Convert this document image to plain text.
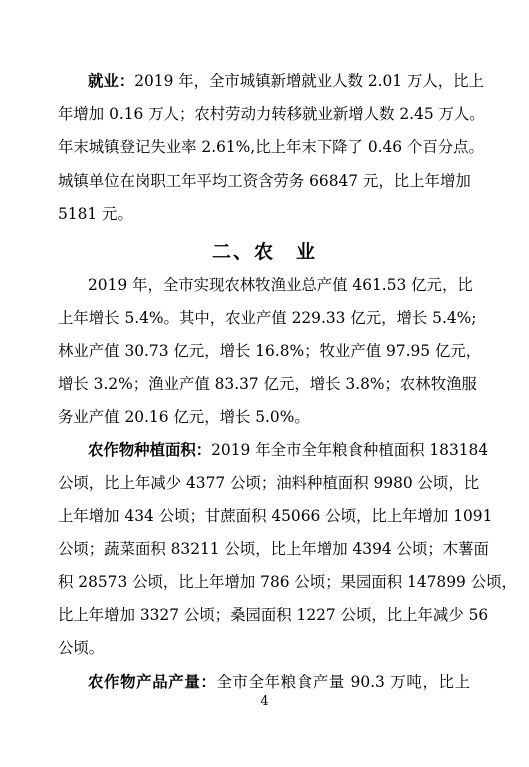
就业：2019 年，全市城镇新增就业人数 2.01 万人，比上
年增加 0.16 万人；农村劳动力转移就业新增人数 2.45 万人。
年末城镇登记失业率 2.61%,比上年末下降了 0.46 个百分点。
城镇单位在岗职工年平均工资含劳务 66847 元，比上年增加
5181 元。
二、农　业
2019 年，全市实现农林牧渔业总产值 461.53 亿元，比
上年增长 5.4%。其中，农业产值 229.33 亿元，增长 5.4%;
林业产值 30.73 亿元，增长 16.8%；牧业产值 97.95 亿元，
增长 3.2%；渔业产值 83.37 亿元，增长 3.8%；农林牧渔服
务业产值 20.16 亿元，增长 5.0%。
农作物种植面积：2019 年全市全年粮食种植面积 183184
公顷，比上年减少 4377 公顷；油料种植面积 9980 公顷，比
上年增加 434 公顷；甘蔗面积 45066 公顷，比上年增加 1091
公顷；蔬菜面积 83211 公顷，比上年增加 4394 公顷；木薯面
积 28573 公顷，比上年增加 786 公顷；果园面积 147899 公顷，
比上年增加 3327 公顷；桑园面积 1227 公顷，比上年减少 56
公顷。
农作物产品产量：全市全年粮食产量 90.3 万吨，比上
4
